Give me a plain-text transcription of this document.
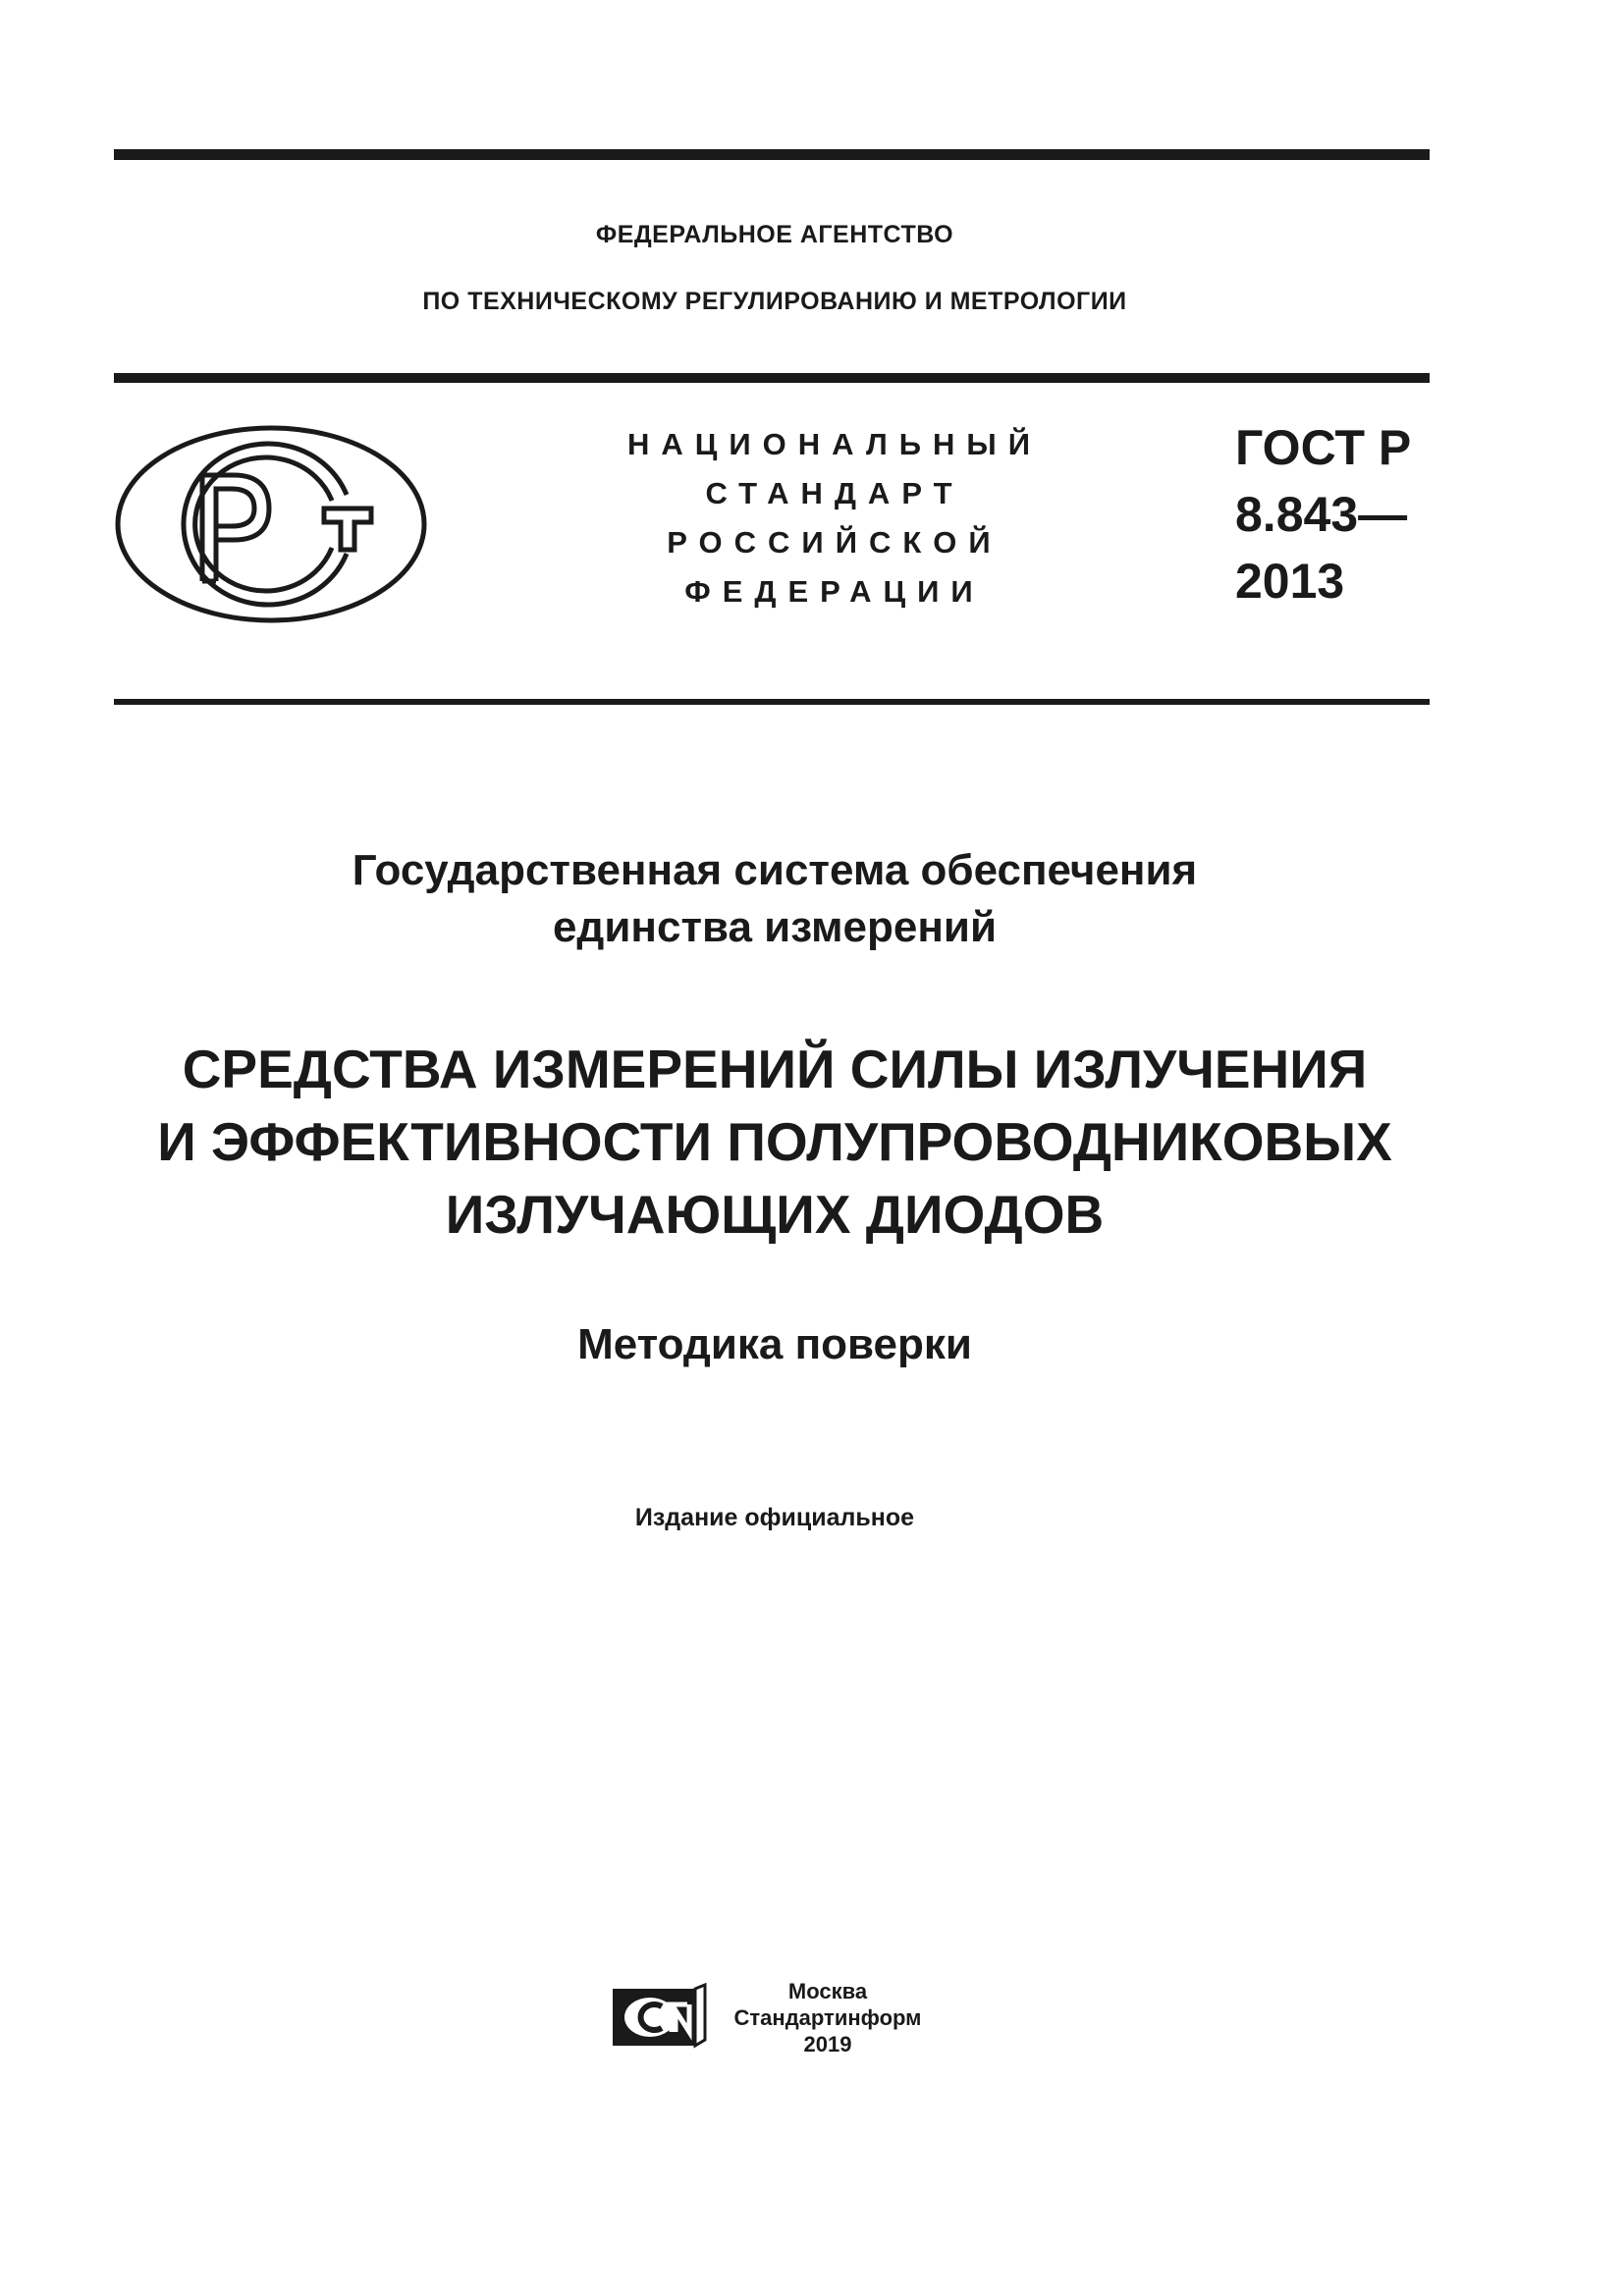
ФЕДЕРАЛЬНОЕ АГЕНТСТВО
ПО ТЕХНИЧЕСКОМУ РЕГУЛИРОВАНИЮ И МЕТРОЛОГИИ
НАЦИОНАЛЬНЫЙ
СТАНДАРТ
РОССИЙСКОЙ
ФЕДЕРАЦИИ
ГОСТ Р
8.843—
2013
Государственная система обеспечения
единства измерений
СРЕДСТВА ИЗМЕРЕНИЙ СИЛЫ ИЗЛУЧЕНИЯ
И ЭФФЕКТИВНОСТИ ПОЛУПРОВОДНИКОВЫХ
ИЗЛУЧАЮЩИХ ДИОДОВ
Методика поверки
Издание официальное
Москва
Стандартинформ
2019
